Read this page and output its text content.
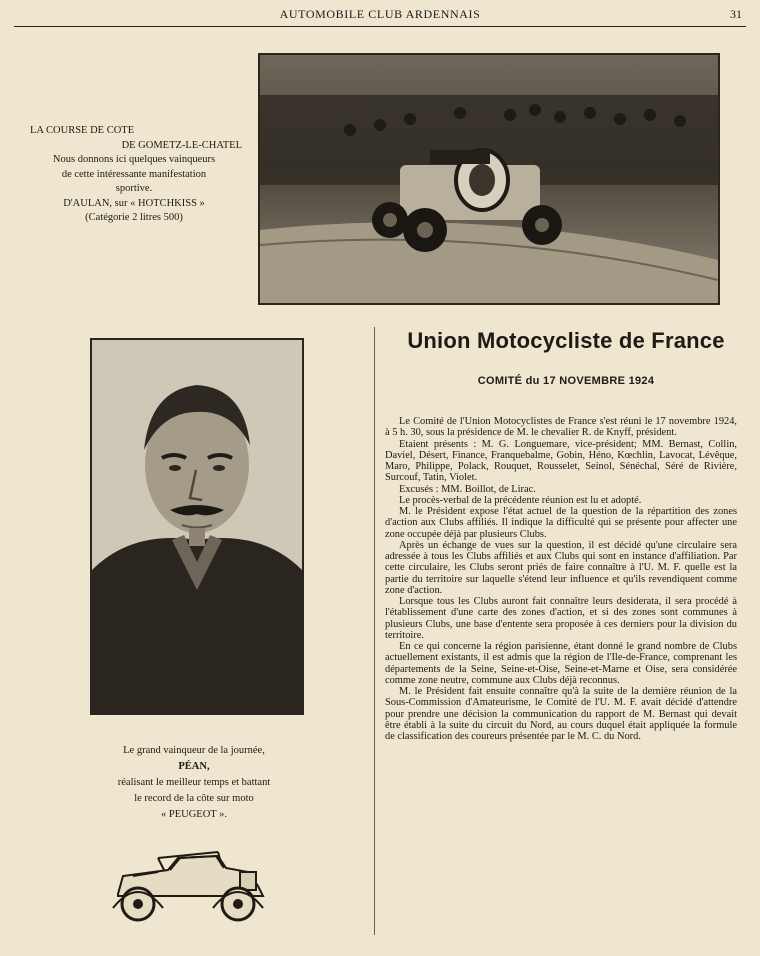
AUTOMOBILE CLUB ARDENNAIS	31
LA COURSE DE COTE
DE GOMETZ-LE-CHATEL
Nous donnons ici quelques vainqueurs
de cette intéressante manifestation
sportive.
D'AULAN, sur « HOTCHKISS »
(Catégorie 2 litres 500)
Le grand vainqueur de la journée,
PÉAN,
réalisant le meilleur temps et battant
le record de la côte sur moto
« PEUGEOT ».
Union Motocycliste de France
COMITÉ du 17 NOVEMBRE 1924

Le Comité de l'Union Motocyclistes de France s'est réuni le 17 novembre 1924, à 5 h. 30, sous la présidence de M. le chevalier R. de Knyff, président.

Etaient présents : M. G. Longuemare, vice-président; MM. Bernast, Collin, Daviel, Désert, Finance, Franquebalme, Gobin, Héno, Kœchlin, Lavocat, Lévêque, Maro, Philippe, Polack, Rouquet, Rousselet, Seinol, Sénéchal, Séré de Rivière, Surcouf, Tatin, Violet.

Excusés : MM. Boillot, de Lirac.

Le procès-verbal de la précédente réunion est lu et adopté.

M. le Président expose l'état actuel de la question de la répartition des zones d'action aux Clubs affiliés. Il indique la difficulté qui se présente pour affecter une zone occupée déjà par plusieurs Clubs.

Après un échange de vues sur la question, il est décidé qu'une circulaire sera adressée à tous les Clubs affiliés et aux Clubs qui sont en instance d'affiliation. Par cette circulaire, les Clubs seront priés de faire connaître à l'U. M. F. quelle est la partie du territoire sur laquelle s'étend leur influence et qu'ils revendiquent comme zone d'action.

Lorsque tous les Clubs auront fait connaître leurs desiderata, il sera procédé à l'établissement d'une carte des zones d'action, et si des zones sont communes à plusieurs Clubs, une base d'entente sera proposée à ces derniers pour la division du territoire.

En ce qui concerne la région parisienne, étant donné le grand nombre de Clubs actuellement existants, il est admis que la région de l'Ile-de-France, comprenant les départements de la Seine, Seine-et-Oise, Seine-et-Marne et Oise, sera considérée comme zone neutre, commune aux Clubs déjà reconnus.

M. le Président fait ensuite connaître qu'à la suite de la dernière réunion de la Sous-Commission d'Amateurisme, le Comité de l'U. M. F. avait décidé d'attendre pour prendre une décision la communication du rapport de M. Bernast qui devait être établi à la suite du circuit du Nord, au cours duquel était appliquée la formule de classification des coureurs présentée par le M. C. du Nord.
